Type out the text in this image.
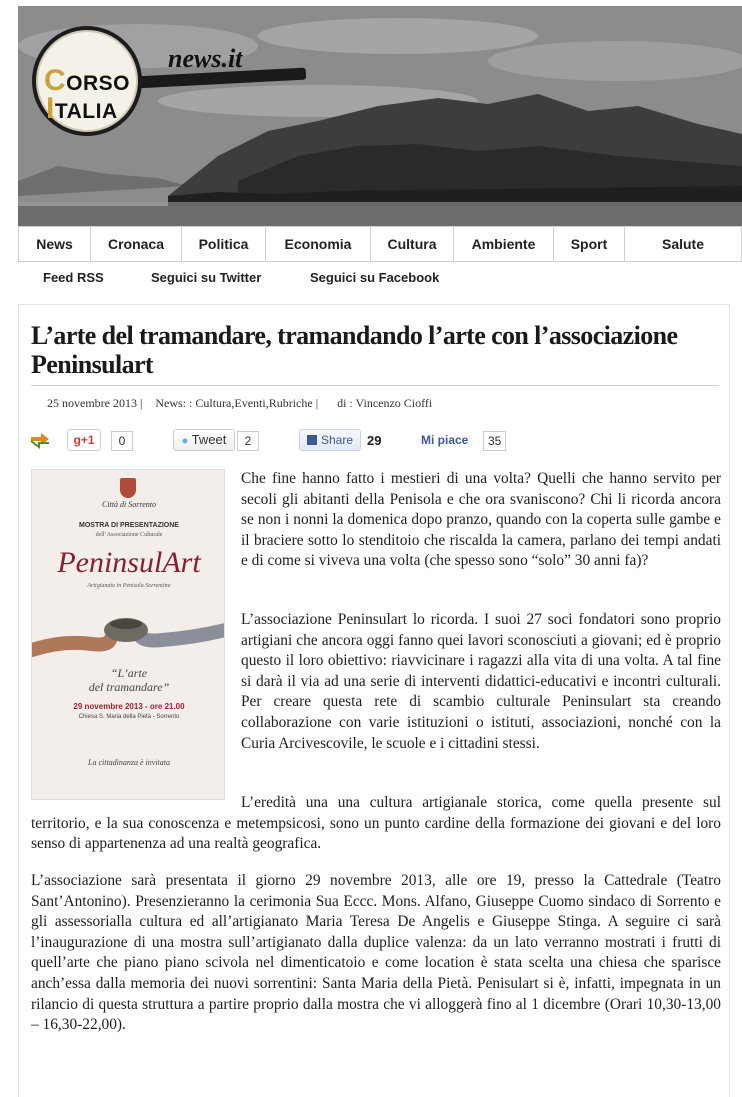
CORSO
ITALIA
news.it
News	Cronaca	Politica	Economia	Cultura	Ambiente	Sport	Salute
Feed RSS	Seguici su Twitter	Seguici su Facebook
L’arte del tramandare, tramandando l’arte con l’associazione Peninsulart
25 novembre 2013 | News: : Cultura,Eventi,Rubriche | di : Vincenzo Cioffi
g+1	0	● Tweet	2	Share	29	Mi piace	35
Città di Sorrento
MOSTRA DI PRESENTAZIONE
dell’Associazione Culturale
PeninsulArt
Artigianato in Penisola Sorrentina
“L’arte
del tramandare”
29 novembre 2013 - ore 21.00
Chiesa S. Maria della Pietà - Sorrento
La cittadinanza è invitata

Che fine hanno fatto i mestieri di una volta? Quelli che hanno servito per secoli gli abitanti della Penisola e che ora svaniscono? Chi li ricorda ancora se non i nonni la domenica dopo pranzo, quando con la coperta sulle gambe e il braciere sotto lo stenditoio che riscalda la camera, parlano dei tempi andati e di come si viveva una volta (che spesso sono “solo” 30 anni fa)?

L’associazione Peninsulart lo ricorda. I suoi 27 soci fondatori sono proprio artigiani che ancora oggi fanno quei lavori sconosciuti a giovani; ed è proprio questo il loro obiettivo: riavvicinare i ragazzi alla vita di una volta. A tal fine si darà il via ad una serie di interventi didattici-educativi e incontri culturali. Per creare questa rete di scambio culturale Peninsulart sta creando collaborazione con varie istituzioni o istituti, associazioni, nonché con la Curia Arcivescovile, le scuole e i cittadini stessi.

L’eredità una una cultura artigianale storica, come quella presente sul territorio, e la sua conoscenza e metempsicosi, sono un punto cardine della formazione dei giovani e del loro senso di appartenenza ad una realtà geografica.

L’associazione sarà presentata il giorno 29 novembre 2013, alle ore 19, presso la Cattedrale (Teatro Sant’Antonino). Presenzieranno la cerimonia Sua Eccc. Mons. Alfano, Giuseppe Cuomo sindaco di Sorrento e gli assessorialla cultura ed all’artigianato Maria Teresa De Angelis e Giuseppe Stinga. A seguire ci sarà l’inaugurazione di una mostra sull’artigianato dalla duplice valenza: da un lato verranno mostrati i frutti di quell’arte che piano piano scivola nel dimenticatoio e come location è stata scelta una chiesa che sparisce anch’essa dalla memoria dei nuovi sorrentini: Santa Maria della Pietà. Penisulart si è, infatti, impegnata in un rilancio di questa struttura a partire proprio dalla mostra che vi alloggerà fino al 1 dicembre (Orari 10,30-13,00 – 16,30-22,00).
